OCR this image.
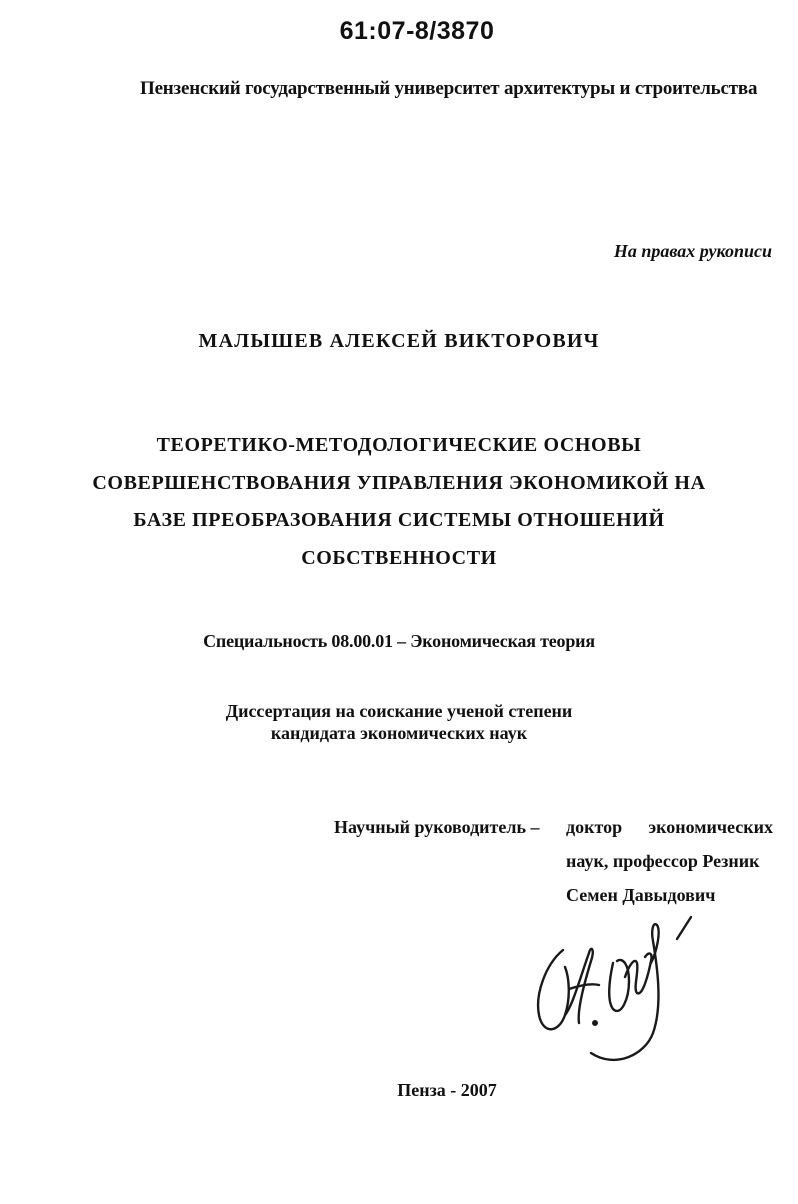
61:07-8/3870
Пензенский государственный университет архитектуры и строительства
На правах рукописи
МАЛЫШЕВ АЛЕКСЕЙ ВИКТОРОВИЧ
ТЕОРЕТИКО-МЕТОДОЛОГИЧЕСКИЕ ОСНОВЫ
СОВЕРШЕНСТВОВАНИЯ УПРАВЛЕНИЯ ЭКОНОМИКОЙ НА
БАЗЕ ПРЕОБРАЗОВАНИЯ СИСТЕМЫ ОТНОШЕНИЙ
СОБСТВЕННОСТИ
Специальность 08.00.01 – Экономическая теория
Диссертация на соискание ученой степени
кандидата экономических наук
Научный руководитель – доктор экономических
наук, профессор Резник
Семен Давыдович
Пенза - 2007
